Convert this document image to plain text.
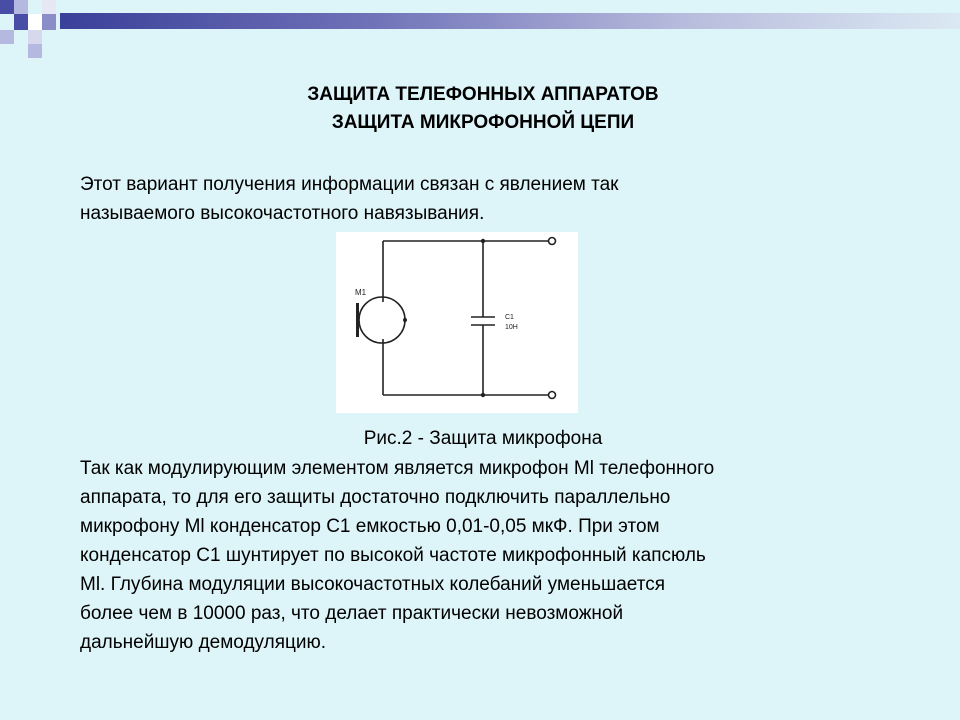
ЗАЩИТА ТЕЛЕФОННЫХ АППАРАТОВ
ЗАЩИТА МИКРОФОННОЙ ЦЕПИ
Этот вариант получения информации связан с явлением так
называемого высокочастотного навязывания.
M1
C1
10H
Рис.2 - Защита микрофона
Так как модулирующим элементом является микрофон Ml телефонного
аппарата, то для его защиты достаточно подключить параллельно
микрофону Ml конденсатор С1 емкостью 0,01-0,05 мкФ. При этом
конденсатор С1 шунтирует по высокой частоте микрофонный капсюль
Ml. Глубина модуляции высокочастотных колебаний уменьшается
более чем в 10000 раз, что делает практически невозможной
дальнейшую демодуляцию.
